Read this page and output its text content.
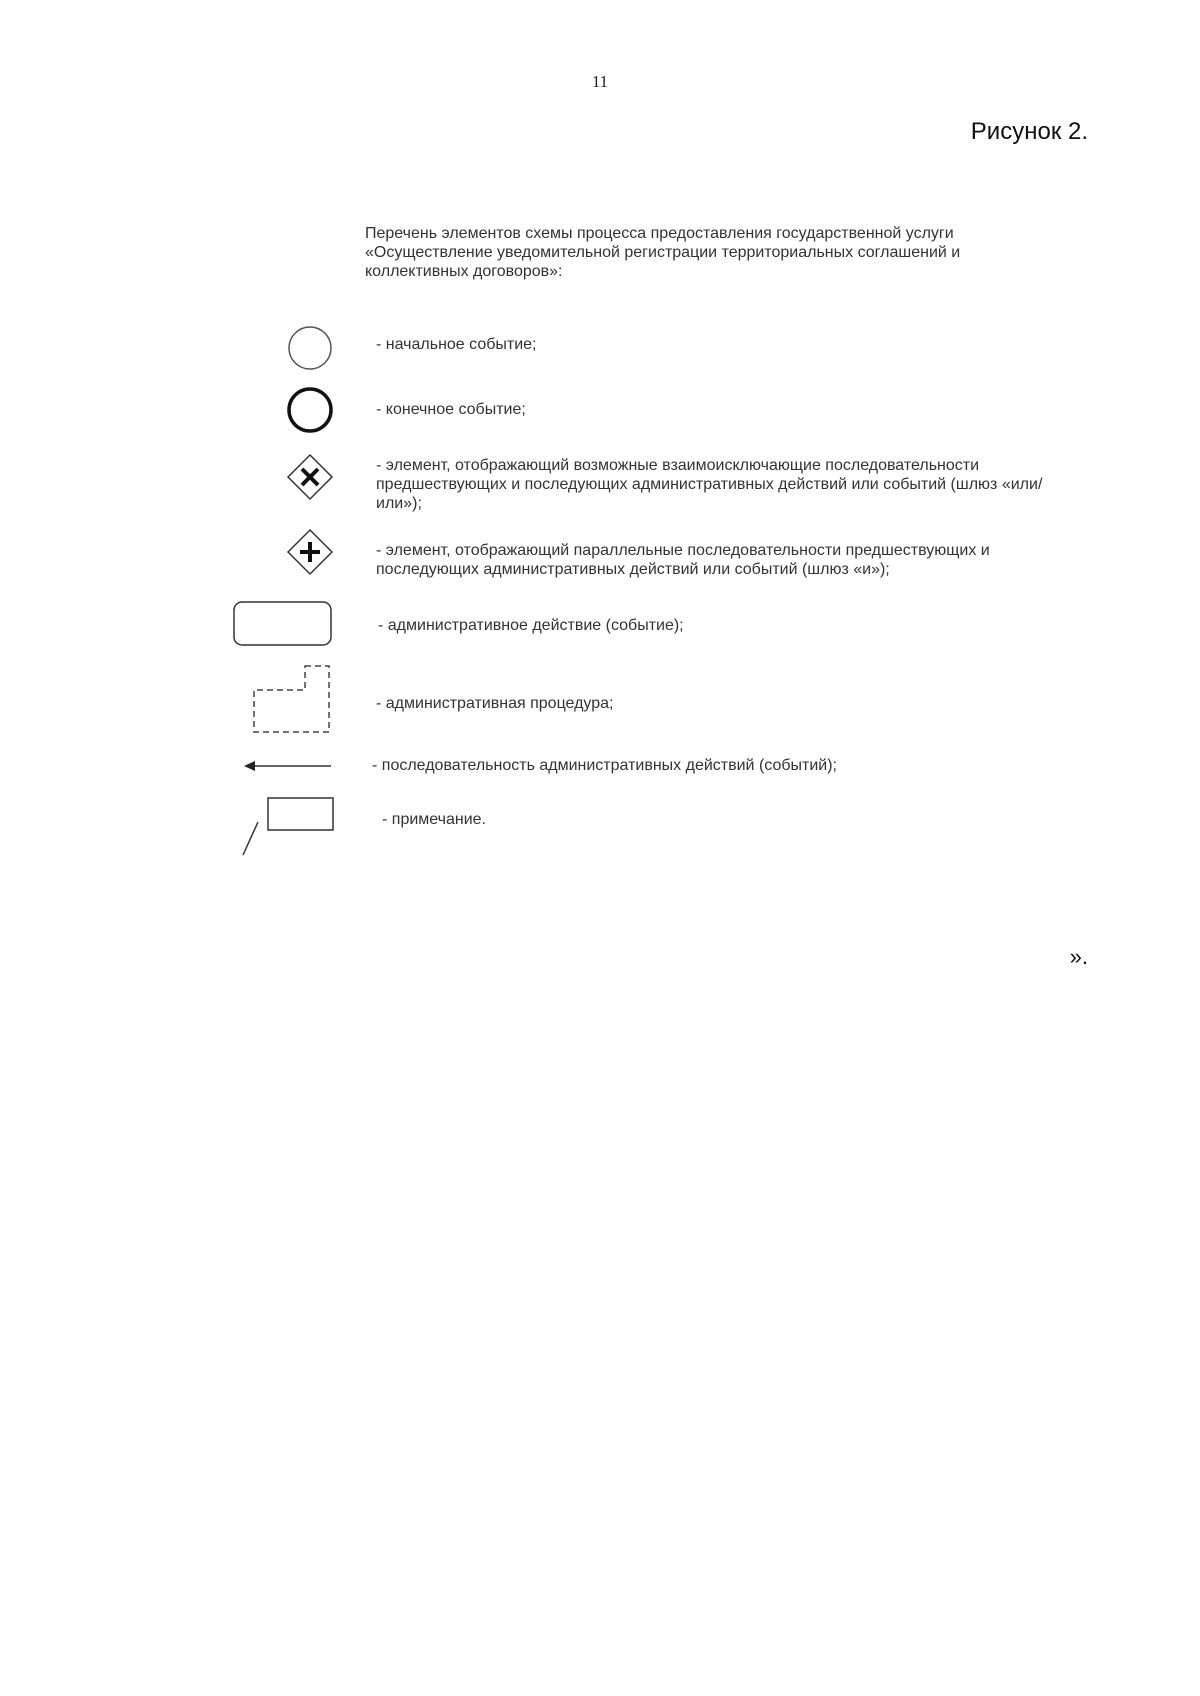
11
Рисунок 2.
Перечень элементов схемы процесса предоставления государственной услуги «Осуществление уведомительной регистрации территориальных соглашений и коллективных договоров»:
- начальное событие;
- конечное событие;
- элемент, отображающий возможные взаимоисключающие последовательности предшествующих и последующих административных действий или событий (шлюз «или/или»);
- элемент, отображающий параллельные последовательности предшествующих и последующих административных действий или событий (шлюз «и»);
- административное действие (событие);
- административная процедура;
- последовательность административных действий (событий);
- примечание.
».
